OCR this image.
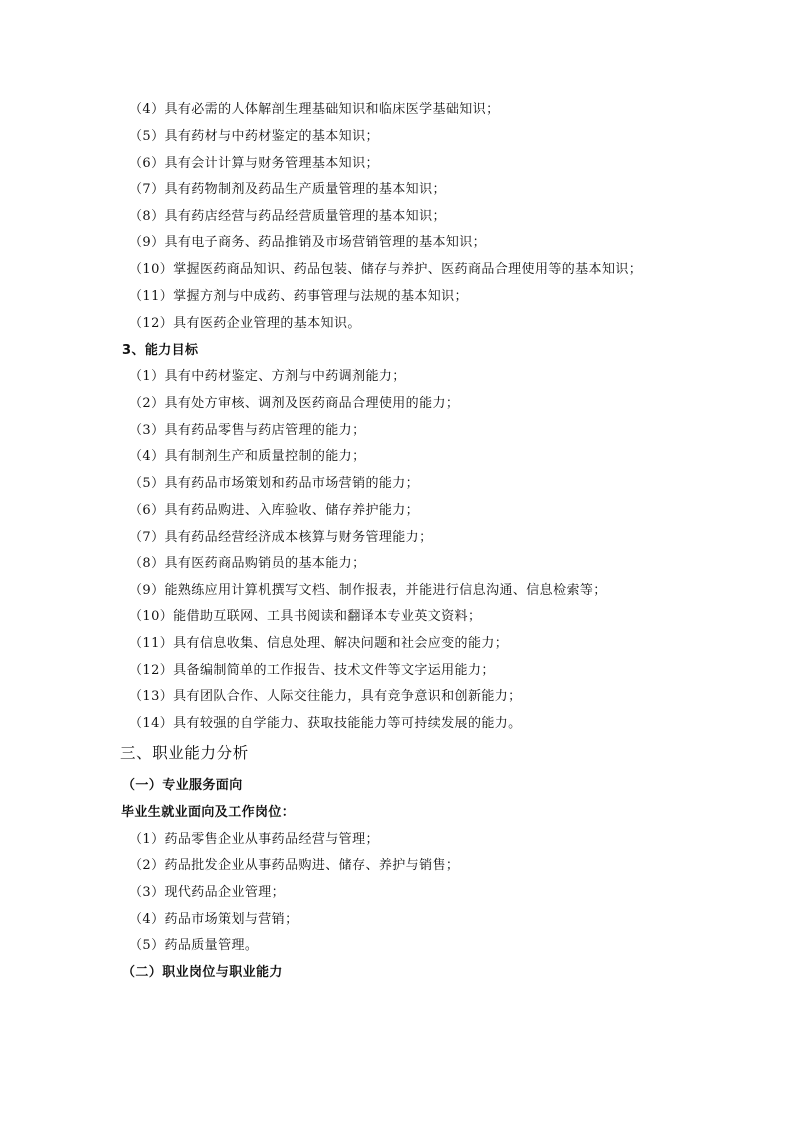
（4）具有必需的人体解剖生理基础知识和临床医学基础知识；
（5）具有药材与中药材鉴定的基本知识；
（6）具有会计计算与财务管理基本知识；
（7）具有药物制剂及药品生产质量管理的基本知识；
（8）具有药店经营与药品经营质量管理的基本知识；
（9）具有电子商务、药品推销及市场营销管理的基本知识；
（10）掌握医药商品知识、药品包装、储存与养护、医药商品合理使用等的基本知识；
（11）掌握方剂与中成药、药事管理与法规的基本知识；
（12）具有医药企业管理的基本知识。
3、能力目标
（1）具有中药材鉴定、方剂与中药调剂能力；
（2）具有处方审核、调剂及医药商品合理使用的能力；
（3）具有药品零售与药店管理的能力；
（4）具有制剂生产和质量控制的能力；
（5）具有药品市场策划和药品市场营销的能力；
（6）具有药品购进、入库验收、储存养护能力；
（7）具有药品经营经济成本核算与财务管理能力；
（8）具有医药商品购销员的基本能力；
（9）能熟练应用计算机撰写文档、制作报表，并能进行信息沟通、信息检索等；
（10）能借助互联网、工具书阅读和翻译本专业英文资料；
（11）具有信息收集、信息处理、解决问题和社会应变的能力；
（12）具备编制简单的工作报告、技术文件等文字运用能力；
（13）具有团队合作、人际交往能力，具有竞争意识和创新能力；
（14）具有较强的自学能力、获取技能能力等可持续发展的能力。
三、职业能力分析
（一）专业服务面向
毕业生就业面向及工作岗位：
（1）药品零售企业从事药品经营与管理；
（2）药品批发企业从事药品购进、储存、养护与销售；
（3）现代药品企业管理；
（4）药品市场策划与营销；
（5）药品质量管理。
（二）职业岗位与职业能力
